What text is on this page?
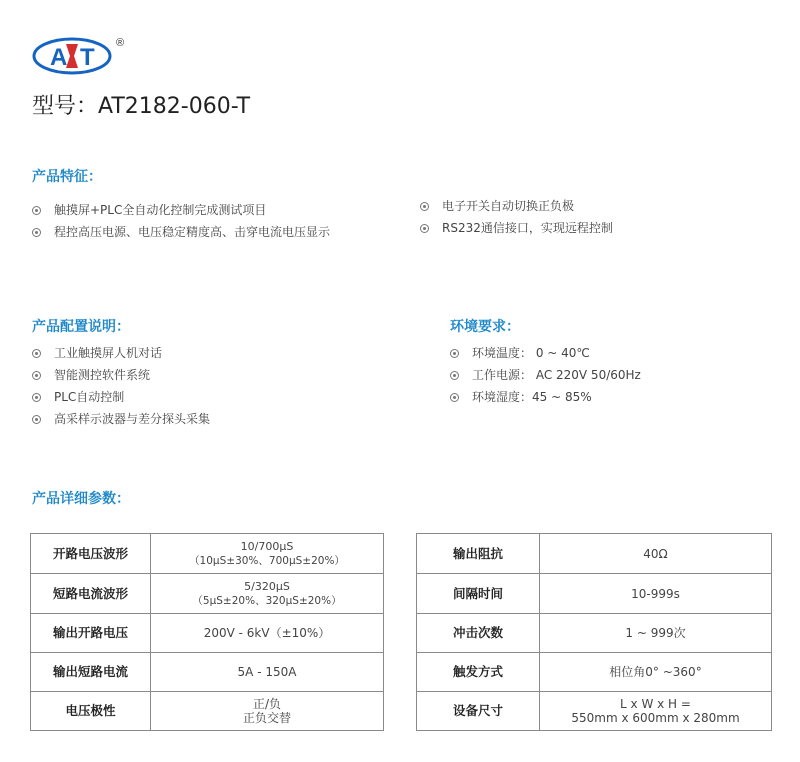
A T
®
型号：AT2182-060-T
产品特征：
触摸屏+PLC全自动化控制完成测试项目
程控高压电源、电压稳定精度高、击穿电流电压显示
电子开关自动切换正负极
RS232通信接口，实现远程控制
产品配置说明：
工业触摸屏人机对话
智能测控软件系统
PLC自动控制
高采样示波器与差分探头采集
环境要求：
环境温度： 0 ~ 40℃
工作电源： AC 220V 50/60Hz
环境湿度：45 ~ 85%
产品详细参数：
开路电压波形	10/700µS
（10µS±30%、700µS±20%）

短路电流波形	5/320µS
（5µS±20%、320µS±20%）

输出开路电压	200V - 6kV（±10%）
输出短路电流	5A - 150A
电压极性	正/负
正负交替
输出阻抗	40Ω
间隔时间	10-999s
冲击次数	1 ~ 999次
触发方式	相位角0° ~360°
设备尺寸	L x W x H =
550mm x 600mm x 280mm
